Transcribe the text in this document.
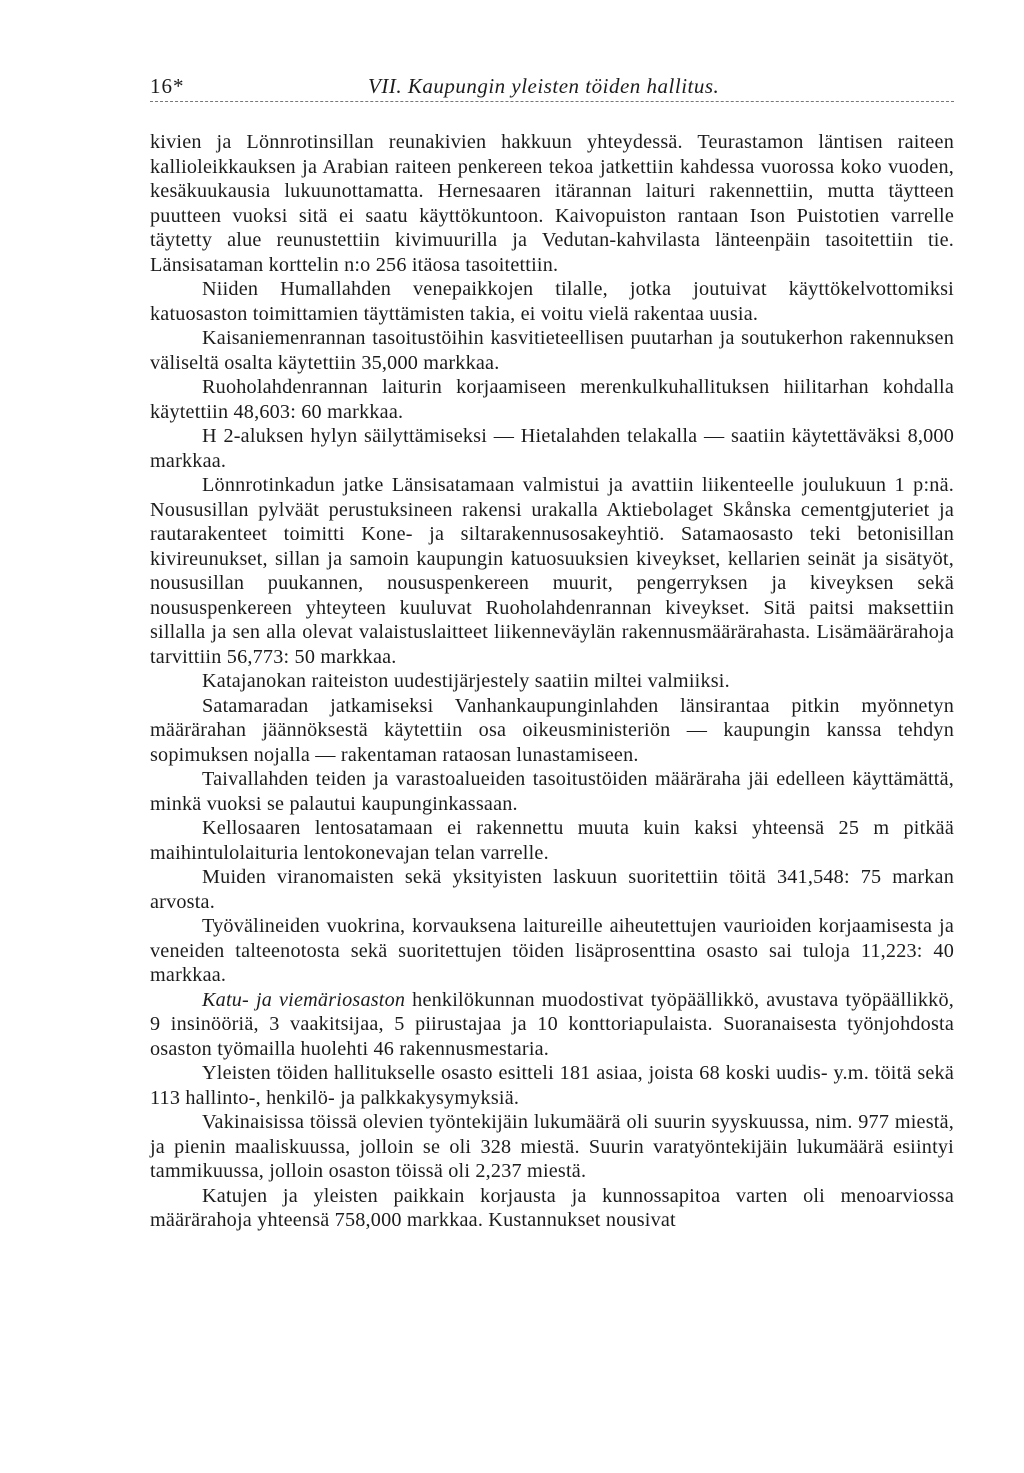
16*	VII. Kaupungin yleisten töiden hallitus.

kivien ja Lönnrotinsillan reunakivien hakkuun yhteydessä. Teurastamon läntisen raiteen kallioleikkauksen ja Arabian raiteen penkereen tekoa jatkettiin kahdessa vuorossa koko vuoden, kesäkuukausia lukuunottamatta. Hernesaaren itärannan laituri rakennettiin, mutta täytteen puutteen vuoksi sitä ei saatu käyttökuntoon. Kaivopuiston rantaan Ison Puistotien varrelle täytetty alue reunustettiin kivimuurilla ja Vedutan-kahvilasta länteenpäin tasoitettiin tie. Länsisataman korttelin n:o 256 itäosa tasoitettiin.

Niiden Humallahden venepaikkojen tilalle, jotka joutuivat käyttökelvottomiksi katuosaston toimittamien täyttämisten takia, ei voitu vielä rakentaa uusia.

Kaisaniemenrannan tasoitustöihin kasvitieteellisen puutarhan ja soutukerhon rakennuksen väliseltä osalta käytettiin 35,000 markkaa.

Ruoholahdenrannan laiturin korjaamiseen merenkulkuhallituksen hiilitarhan kohdalla käytettiin 48,603: 60 markkaa.

H 2-aluksen hylyn säilyttämiseksi — Hietalahden telakalla — saatiin käytettäväksi 8,000 markkaa.

Lönnrotinkadun jatke Länsisatamaan valmistui ja avattiin liikenteelle joulukuun 1 p:nä. Noususillan pylväät perustuksineen rakensi urakalla Aktiebolaget Skånska cementgjuteriet ja rautarakenteet toimitti Kone- ja siltarakennusosakeyhtiö. Satamaosasto teki betonisillan kivireunukset, sillan ja samoin kaupungin katuosuuksien kiveykset, kellarien seinät ja sisätyöt, noususillan puukannen, noususpenkereen muurit, pengerryksen ja kiveyksen sekä noususpenkereen yhteyteen kuuluvat Ruoholahdenrannan kiveykset. Sitä paitsi maksettiin sillalla ja sen alla olevat valaistuslaitteet liikenneväylän rakennusmäärärahasta. Lisämäärärahoja tarvittiin 56,773: 50 markkaa.

Katajanokan raiteiston uudestijärjestely saatiin miltei valmiiksi.

Satamaradan jatkamiseksi Vanhankaupunginlahden länsirantaa pitkin myönnetyn määrärahan jäännöksestä käytettiin osa oikeusministeriön — kaupungin kanssa tehdyn sopimuksen nojalla — rakentaman rataosan lunastamiseen.

Taivallahden teiden ja varastoalueiden tasoitustöiden määräraha jäi edelleen käyttämättä, minkä vuoksi se palautui kaupunginkassaan.

Kellosaaren lentosatamaan ei rakennettu muuta kuin kaksi yhteensä 25 m pitkää maihintulolaituria lentokonevajan telan varrelle.

Muiden viranomaisten sekä yksityisten laskuun suoritettiin töitä 341,548: 75 markan arvosta.

Työvälineiden vuokrina, korvauksena laitureille aiheutettujen vaurioiden korjaamisesta ja veneiden talteenotosta sekä suoritettujen töiden lisäprosenttina osasto sai tuloja 11,223: 40 markkaa.

Katu- ja viemäriosaston henkilökunnan muodostivat työpäällikkö, avustava työpäällikkö, 9 insinööriä, 3 vaakitsijaa, 5 piirustajaa ja 10 konttoriapulaista. Suoranaisesta työnjohdosta osaston työmailla huolehti 46 rakennusmestaria.

Yleisten töiden hallitukselle osasto esitteli 181 asiaa, joista 68 koski uudis- y.m. töitä sekä 113 hallinto-, henkilö- ja palkkakysymyksiä.

Vakinaisissa töissä olevien työntekijäin lukumäärä oli suurin syyskuussa, nim. 977 miestä, ja pienin maaliskuussa, jolloin se oli 328 miestä. Suurin varatyöntekijäin lukumäärä esiintyi tammikuussa, jolloin osaston töissä oli 2,237 miestä.

Katujen ja yleisten paikkain korjausta ja kunnossapitoa varten oli menoarviossa määrärahoja yhteensä 758,000 markkaa. Kustannukset nousivat
